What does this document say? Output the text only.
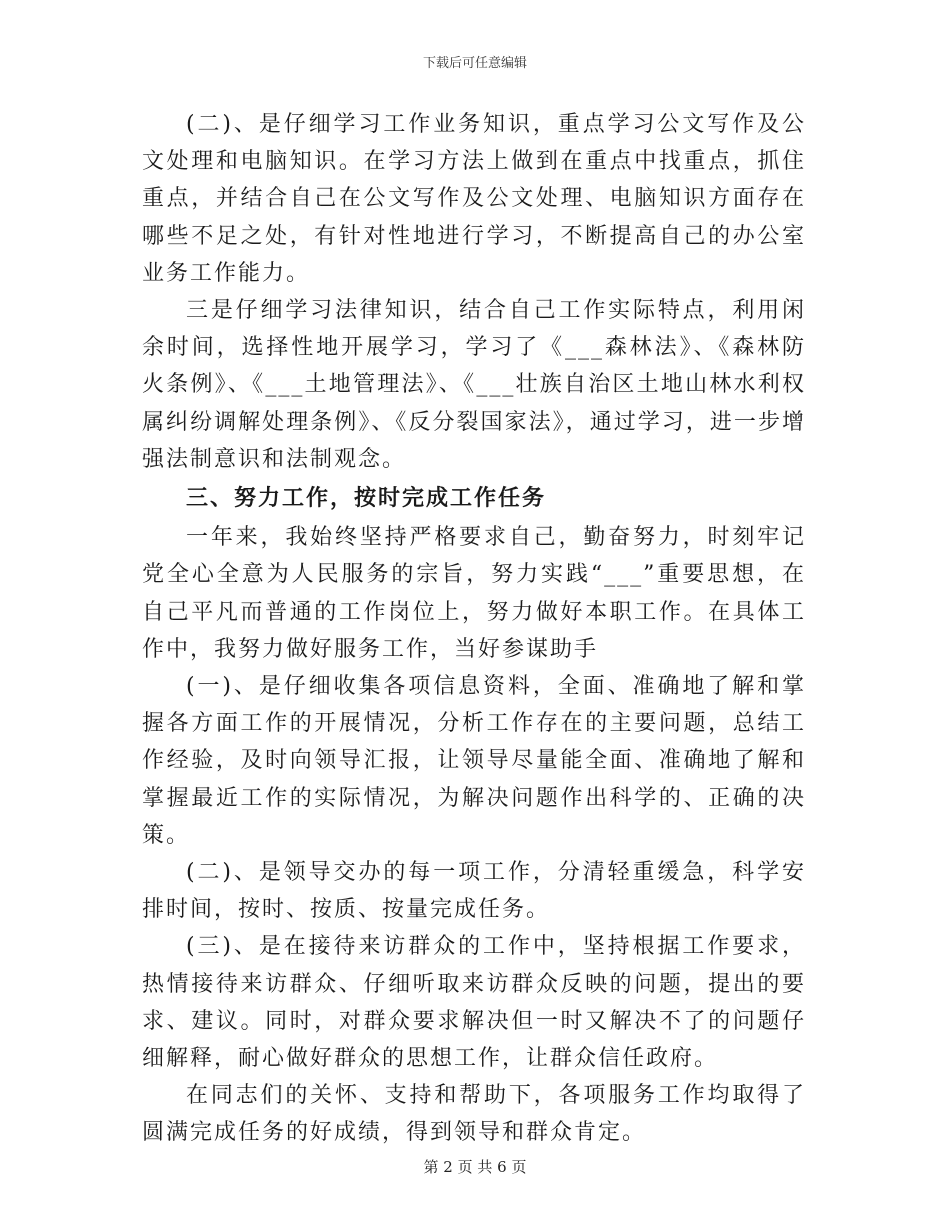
下载后可任意编辑

(二)、是仔细学习工作业务知识，重点学习公文写作及公文处理和电脑知识。在学习方法上做到在重点中找重点，抓住重点，并结合自己在公文写作及公文处理、电脑知识方面存在哪些不足之处，有针对性地进行学习，不断提高自己的办公室业务工作能力。

三是仔细学习法律知识，结合自己工作实际特点，利用闲余时间，选择性地开展学习，学习了《___森林法》、《森林防火条例》、《___土地管理法》、《___壮族自治区土地山林水利权属纠纷调解处理条例》、《反分裂国家法》，通过学习，进一步增强法制意识和法制观念。

三、努力工作，按时完成工作任务

一年来，我始终坚持严格要求自己，勤奋努力，时刻牢记党全心全意为人民服务的宗旨，努力实践“___”重要思想，在自己平凡而普通的工作岗位上，努力做好本职工作。在具体工作中，我努力做好服务工作，当好参谋助手

(一)、是仔细收集各项信息资料，全面、准确地了解和掌握各方面工作的开展情况，分析工作存在的主要问题，总结工作经验，及时向领导汇报，让领导尽量能全面、准确地了解和掌握最近工作的实际情况，为解决问题作出科学的、正确的决策。

(二)、是领导交办的每一项工作，分清轻重缓急，科学安排时间，按时、按质、按量完成任务。

(三)、是在接待来访群众的工作中，坚持根据工作要求，热情接待来访群众、仔细听取来访群众反映的问题，提出的要求、建议。同时，对群众要求解决但一时又解决不了的问题仔细解释，耐心做好群众的思想工作，让群众信任政府。

在同志们的关怀、支持和帮助下，各项服务工作均取得了圆满完成任务的好成绩，得到领导和群众肯定。

第 2 页 共 6 页
